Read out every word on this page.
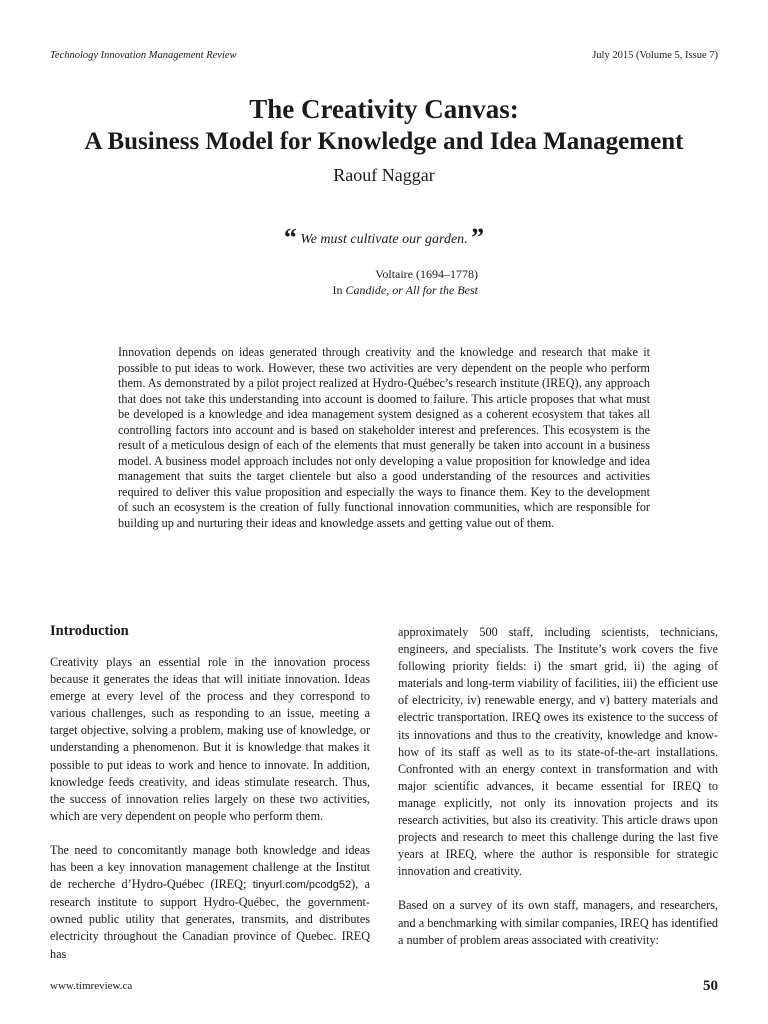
Technology Innovation Management Review	July 2015 (Volume 5, Issue 7)
The Creativity Canvas:
A Business Model for Knowledge and Idea Management
Raouf Naggar
“ We must cultivate our garden. ”
Voltaire (1694–1778)
In Candide, or All for the Best
Innovation depends on ideas generated through creativity and the knowledge and research that make it possible to put ideas to work. However, these two activities are very dependent on the people who perform them. As demonstrated by a pilot project realized at Hydro-Québec’s research institute (IREQ), any approach that does not take this understanding into account is doomed to failure. This article proposes that what must be developed is a knowledge and idea management system designed as a coherent ecosystem that takes all controlling factors into account and is based on stakeholder interest and preferences. This ecosystem is the result of a meticulous design of each of the elements that must generally be taken into account in a business model. A business model approach includes not only developing a value proposition for knowledge and idea management that suits the target clientele but also a good understanding of the resources and activities required to deliver this value proposition and especially the ways to finance them. Key to the development of such an ecosystem is the creation of fully functional innovation communities, which are responsible for building up and nurturing their ideas and knowledge assets and getting value out of them.
Introduction

Creativity plays an essential role in the innovation process because it generates the ideas that will initiate innovation. Ideas emerge at every level of the process and they correspond to various challenges, such as responding to an issue, meeting a target objective, solving a problem, making use of knowledge, or understanding a phenomenon. But it is knowledge that makes it possible to put ideas to work and hence to innovate. In addition, knowledge feeds creativity, and ideas stimulate research. Thus, the success of innovation relies largely on these two activities, which are very dependent on people who perform them.

The need to concomitantly manage both knowledge and ideas has been a key innovation management challenge at the Institut de recherche d’Hydro-Québec (IREQ; tinyurl.com/pcodg52), a research institute to support Hydro-Québec, the government-owned public utility that generates, transmits, and distributes electricity throughout the Canadian province of Quebec. IREQ has

approximately 500 staff, including scientists, technicians, engineers, and specialists. The Institute’s work covers the five following priority fields: i) the smart grid, ii) the aging of materials and long-term viability of facilities, iii) the efficient use of electricity, iv) renewable energy, and v) battery materials and electric transportation. IREQ owes its existence to the success of its innovations and thus to the creativity, knowledge and know-how of its staff as well as to its state-of-the-art installations. Confronted with an energy context in transformation and with major scientific advances, it became essential for IREQ to manage explicitly, not only its innovation projects and its research activities, but also its creativity. This article draws upon projects and research to meet this challenge during the last five years at IREQ, where the author is responsible for strategic innovation and creativity.

Based on a survey of its own staff, managers, and researchers, and a benchmarking with similar companies, IREQ has identified a number of problem areas associated with creativity:

www.timreview.ca	50
